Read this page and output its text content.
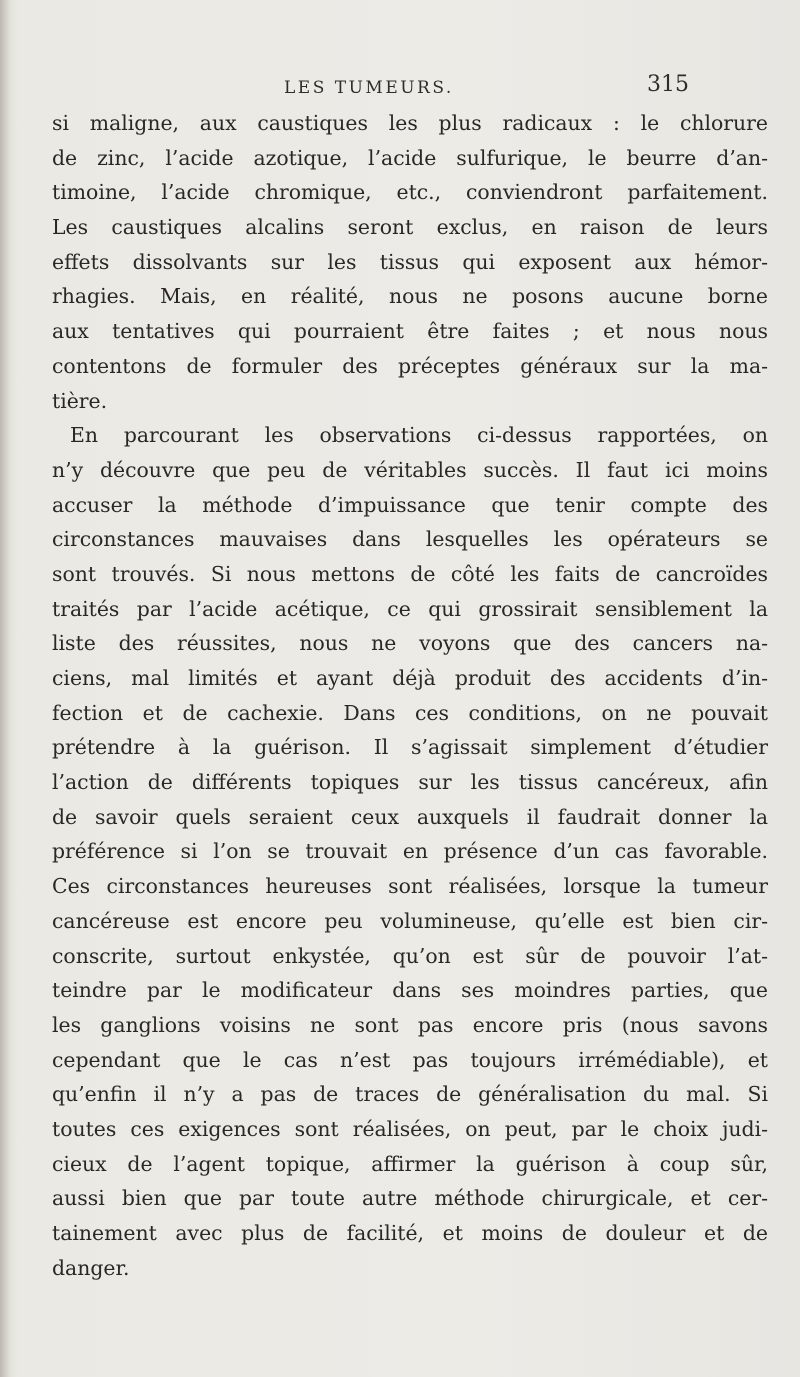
LES TUMEURS.	315
si maligne, aux caustiques les plus radicaux : le chlorure
de zinc, l’acide azotique, l’acide sulfurique, le beurre d’an-
timoine, l’acide chromique, etc., conviendront parfaitement.
Les caustiques alcalins seront exclus, en raison de leurs
effets dissolvants sur les tissus qui exposent aux hémor-
rhagies. Mais, en réalité, nous ne posons aucune borne
aux tentatives qui pourraient être faites ; et nous nous
contentons de formuler des préceptes généraux sur la ma-
tière.
En parcourant les observations ci-dessus rapportées, on
n’y découvre que peu de véritables succès. Il faut ici moins
accuser la méthode d’impuissance que tenir compte des
circonstances mauvaises dans lesquelles les opérateurs se
sont trouvés. Si nous mettons de côté les faits de cancroïdes
traités par l’acide acétique, ce qui grossirait sensiblement la
liste des réussites, nous ne voyons que des cancers na-
ciens, mal limités et ayant déjà produit des accidents d’in-
fection et de cachexie. Dans ces conditions, on ne pouvait
prétendre à la guérison. Il s’agissait simplement d’étudier
l’action de différents topiques sur les tissus cancéreux, afin
de savoir quels seraient ceux auxquels il faudrait donner la
préférence si l’on se trouvait en présence d’un cas favorable.
Ces circonstances heureuses sont réalisées, lorsque la tumeur
cancéreuse est encore peu volumineuse, qu’elle est bien cir-
conscrite, surtout enkystée, qu’on est sûr de pouvoir l’at-
teindre par le modificateur dans ses moindres parties, que
les ganglions voisins ne sont pas encore pris (nous savons
cependant que le cas n’est pas toujours irrémédiable), et
qu’enfin il n’y a pas de traces de généralisation du mal. Si
toutes ces exigences sont réalisées, on peut, par le choix judi-
cieux de l’agent topique, affirmer la guérison à coup sûr,
aussi bien que par toute autre méthode chirurgicale, et cer-
tainement avec plus de facilité, et moins de douleur et de
danger.
